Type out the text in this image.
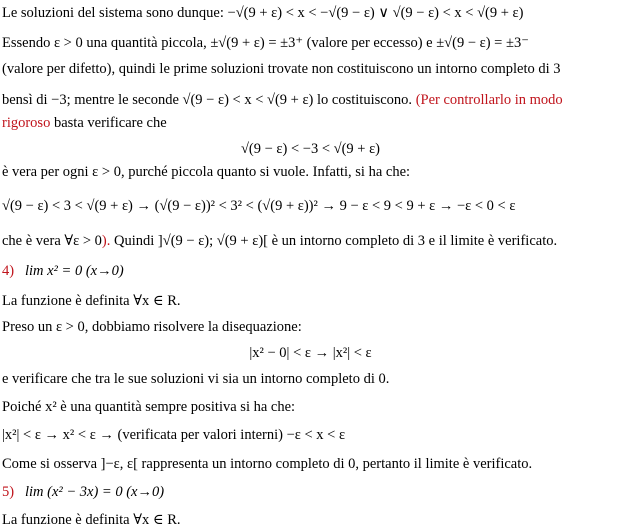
Le soluzioni del sistema sono dunque: −√(9 + ε) < x < −√(9 − ε) ∨ √(9 − ε) < x < √(9 + ε)
Essendo ε > 0 una quantità piccola, ±√(9 + ε) = ±3⁺ (valore per eccesso) e ±√(9 − ε) = ±3⁻
(valore per difetto), quindi le prime soluzioni trovate non costituiscono un intorno completo di 3
bensì di −3; mentre le seconde √(9 − ε) < x < √(9 + ε) lo costituiscono. (Per controllarlo in modo
rigoroso basta verificare che
√(9 − ε) < −3 < √(9 + ε)
è vera per ogni ε > 0, purché piccola quanto si vuole. Infatti, si ha che:
√(9 − ε) < 3 < √(9 + ε) → (√(9 − ε))² < 3² < (√(9 + ε))² → 9 − ε < 9 < 9 + ε → −ε < 0 < ε
che è vera ∀ε > 0). Quindi ]√(9 − ε); √(9 + ε)[ è un intorno completo di 3 e il limite è verificato.
4) lim x² = 0 (x→0)
La funzione è definita ∀x ∈ R.
Preso un ε > 0, dobbiamo risolvere la disequazione:
|x² − 0| < ε → |x²| < ε
e verificare che tra le sue soluzioni vi sia un intorno completo di 0.
Poiché x² è una quantità sempre positiva si ha che:
|x²| < ε → x² < ε → (verificata per valori interni) −ε < x < ε
Come si osserva ]−ε, ε[ rappresenta un intorno completo di 0, pertanto il limite è verificato.
5) lim (x² − 3x) = 0 (x→0)
La funzione è definita ∀x ∈ R.
